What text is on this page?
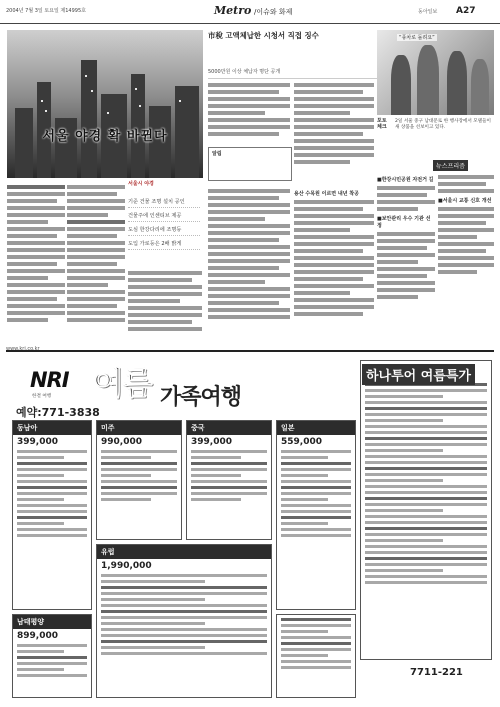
2004년 7월 3일 토요일 제14995호	Metro /이슈와 화제	동아일보 A27
서울 야경 확 바뀐다
서울시 야경
기준 건물 조명 설치 공인
건물주에 인센티브 제공
도심 한강다리에 조명등
도입 가로등은 2배 밝게
市稅 고액체납한 시청서 직접 징수
5000만원 이상 체납자 명단 공개
알림
용산 수목원 이르면 내년 착공
“풍차로 돌려요”
포토 체크
2일 서울 중구 남대문로 한 행사장에서 모델들이 새 상품을 선보이고 있다.
뉴스프리즘
■한강시민공원 자전거 길
■보안관리 우수 기관 선정
■서울시 교통 신호 개선
www.kri.co.kr
NRI
한결 여행 여름 가족여행
예약:771-3838
동남아
399,000
미주
990,000
중국
399,000
일본
559,000
남태평양
899,000
유럽
1,990,000
하나투어 여름특가
7711-221
